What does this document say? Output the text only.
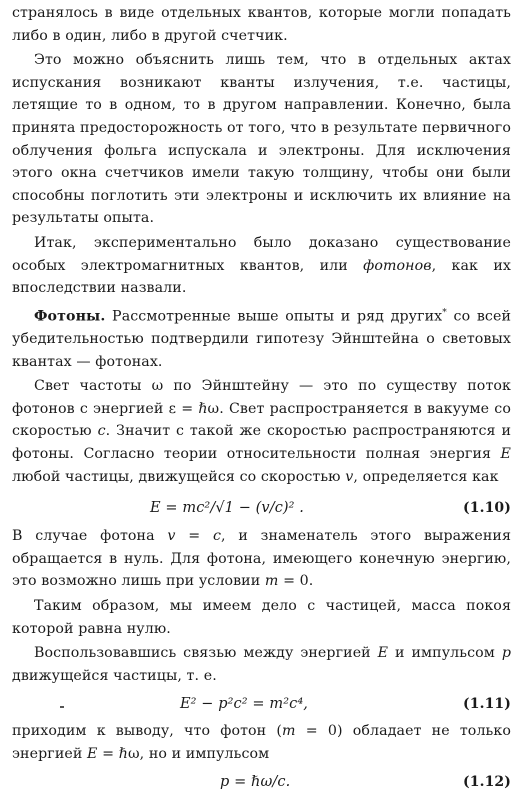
странялось в виде отдельных квантов, которые могли попадать либо в один, либо в другой счетчик.

Это можно объяснить лишь тем, что в отдельных актах испускания возникают кванты излучения, т.е. частицы, летящие то в одном, то в другом направлении. Конечно, была принята предосторожность от того, что в результате первичного облучения фольга испускала и электроны. Для исключения этого окна счетчиков имели такую толщину, чтобы они были способны поглотить эти электроны и исключить их влияние на результаты опыта.

Итак, экспериментально было доказано существование особых электромагнитных квантов, или фотонов, как их впоследствии назвали.

Фотоны. Рассмотренные выше опыты и ряд других* со всей убедительностью подтвердили гипотезу Эйнштейна о световых квантах — фотонах.

Свет частоты ω по Эйнштейну — это по существу поток фотонов с энергией ε = ℏω. Свет распространяется в вакууме со скоростью c. Значит с такой же скоростью распространяются и фотоны. Согласно теории относительности полная энергия E любой частицы, движущейся со скоростью v, определяется как

E = mc²/√1 − (v/c)² .	(1.10)

В случае фотона v = c, и знаменатель этого выражения обращается в нуль. Для фотона, имеющего конечную энергию, это возможно лишь при условии m = 0.

Таким образом, мы имеем дело с частицей, масса покоя которой равна нулю.

Воспользовавшись связью между энергией E и импульсом p движущейся частицы, т. е.

E² − p²c² = m²c⁴,	(1.11)

приходим к выводу, что фотон (m = 0) обладает не только энергией E = ℏω, но и импульсом

p = ℏω/c.	(1.12)
